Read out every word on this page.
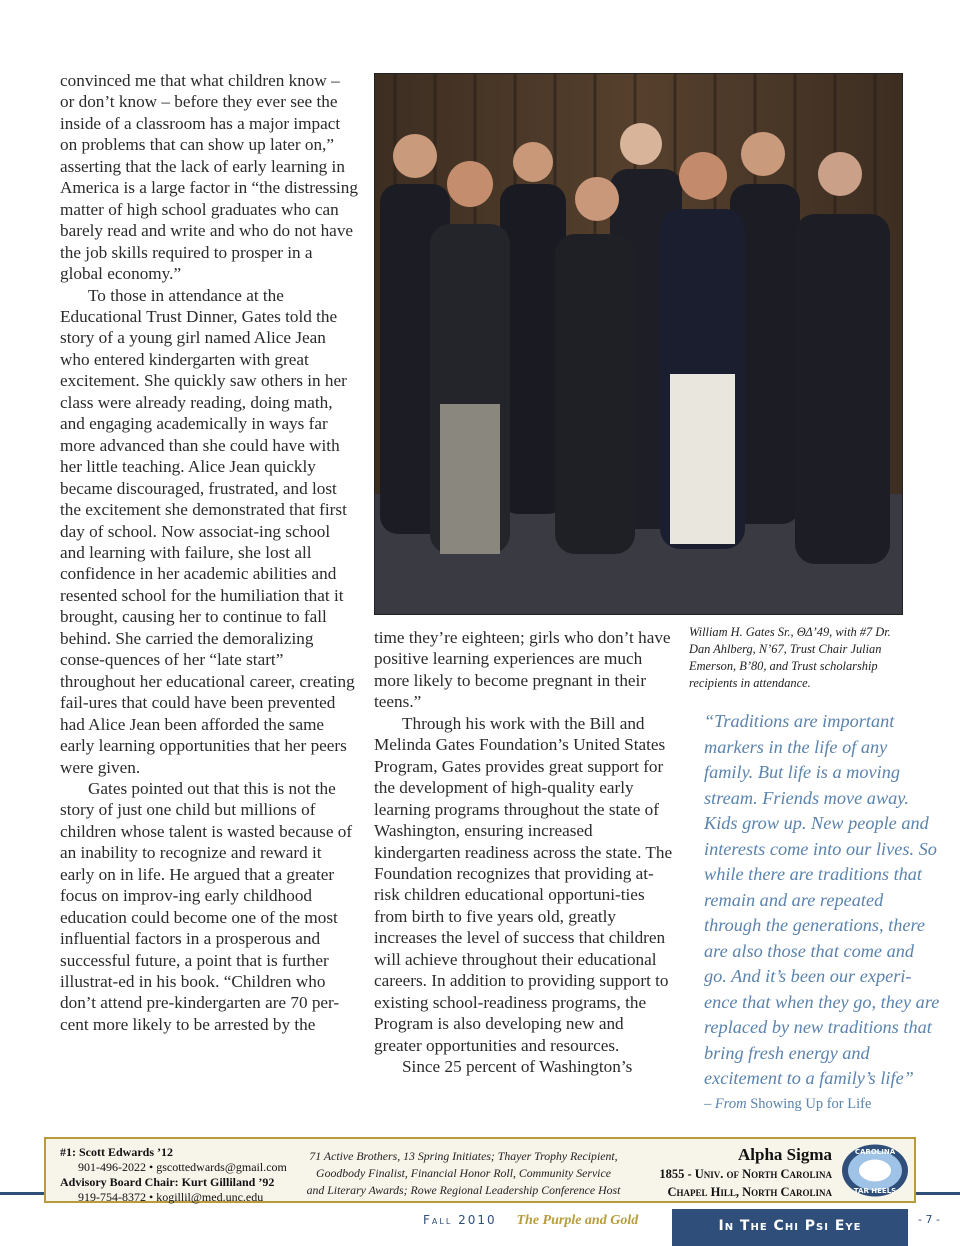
convinced me that what children know – or don’t know – before they ever see the inside of a classroom has a major impact on problems that can show up later on,” asserting that the lack of early learning in America is a large factor in “the distressing matter of high school graduates who can barely read and write and who do not have the job skills required to prosper in a global economy.”

To those in attendance at the Educational Trust Dinner, Gates told the story of a young girl named Alice Jean who entered kindergarten with great excitement. She quickly saw others in her class were already reading, doing math, and engaging academically in ways far more advanced than she could have with her little teaching. Alice Jean quickly became discouraged, frustrated, and lost the excitement she demonstrated that first day of school. Now associat-ing school and learning with failure, she lost all confidence in her academic abilities and resented school for the humiliation that it brought, causing her to continue to fall behind. She carried the demoralizing conse-quences of her “late start” throughout her educational career, creating fail-ures that could have been prevented had Alice Jean been afforded the same early learning opportunities that her peers were given.

Gates pointed out that this is not the story of just one child but millions of children whose talent is wasted because of an inability to recognize and reward it early on in life. He argued that a greater focus on improv-ing early childhood education could become one of the most influential factors in a prosperous and successful future, a point that is further illustrat-ed in his book. “Children who don’t attend pre-kindergarten are 70 per-cent more likely to be arrested by the

William H. Gates Sr., ΘΔ’49, with #7 Dr. Dan Ahlberg, N’67, Trust Chair Julian Emerson, B’80, and Trust scholarship recipients in attendance.

time they’re eighteen; girls who don’t have positive learning experiences are much more likely to become pregnant in their teens.”

Through his work with the Bill and Melinda Gates Foundation’s United States Program, Gates provides great support for the development of high-quality early learning programs throughout the state of Washington, ensuring increased kindergarten readiness across the state. The Foundation recognizes that providing at-risk children educational opportuni-ties from birth to five years old, greatly increases the level of success that children will achieve throughout their educational careers. In addition to providing support to existing school-readiness programs, the Program is also developing new and greater opportunities and resources.

Since 25 percent of Washington’s

“Traditions are important markers in the life of any family. But life is a moving stream. Friends move away. Kids grow up. New people and interests come into our lives. So while there are traditions that remain and are repeated through the generations, there are also those that come and go. And it’s been our experi-ence that when they go, they are replaced by new traditions that bring fresh energy and excitement to a family’s life”
– From Showing Up for Life
#1: Scott Edwards ’12
901-496-2022 • gscottedwards@gmail.com
Advisory Board Chair: Kurt Gilliland ’92
919-754-8372 • kogillil@med.unc.edu
71 Active Brothers, 13 Spring Initiates; Thayer Trophy Recipient,
Goodbody Finalist, Financial Honor Roll, Community Service
and Literary Awards; Rowe Regional Leadership Conference Host
Alpha Sigma
1855 - Univ. of North Carolina
Chapel Hill, North Carolina
CAROLINA
TAR HEELS
Fall 2010 The Purple and Gold	In The Chi Psi Eye	- 7 -
